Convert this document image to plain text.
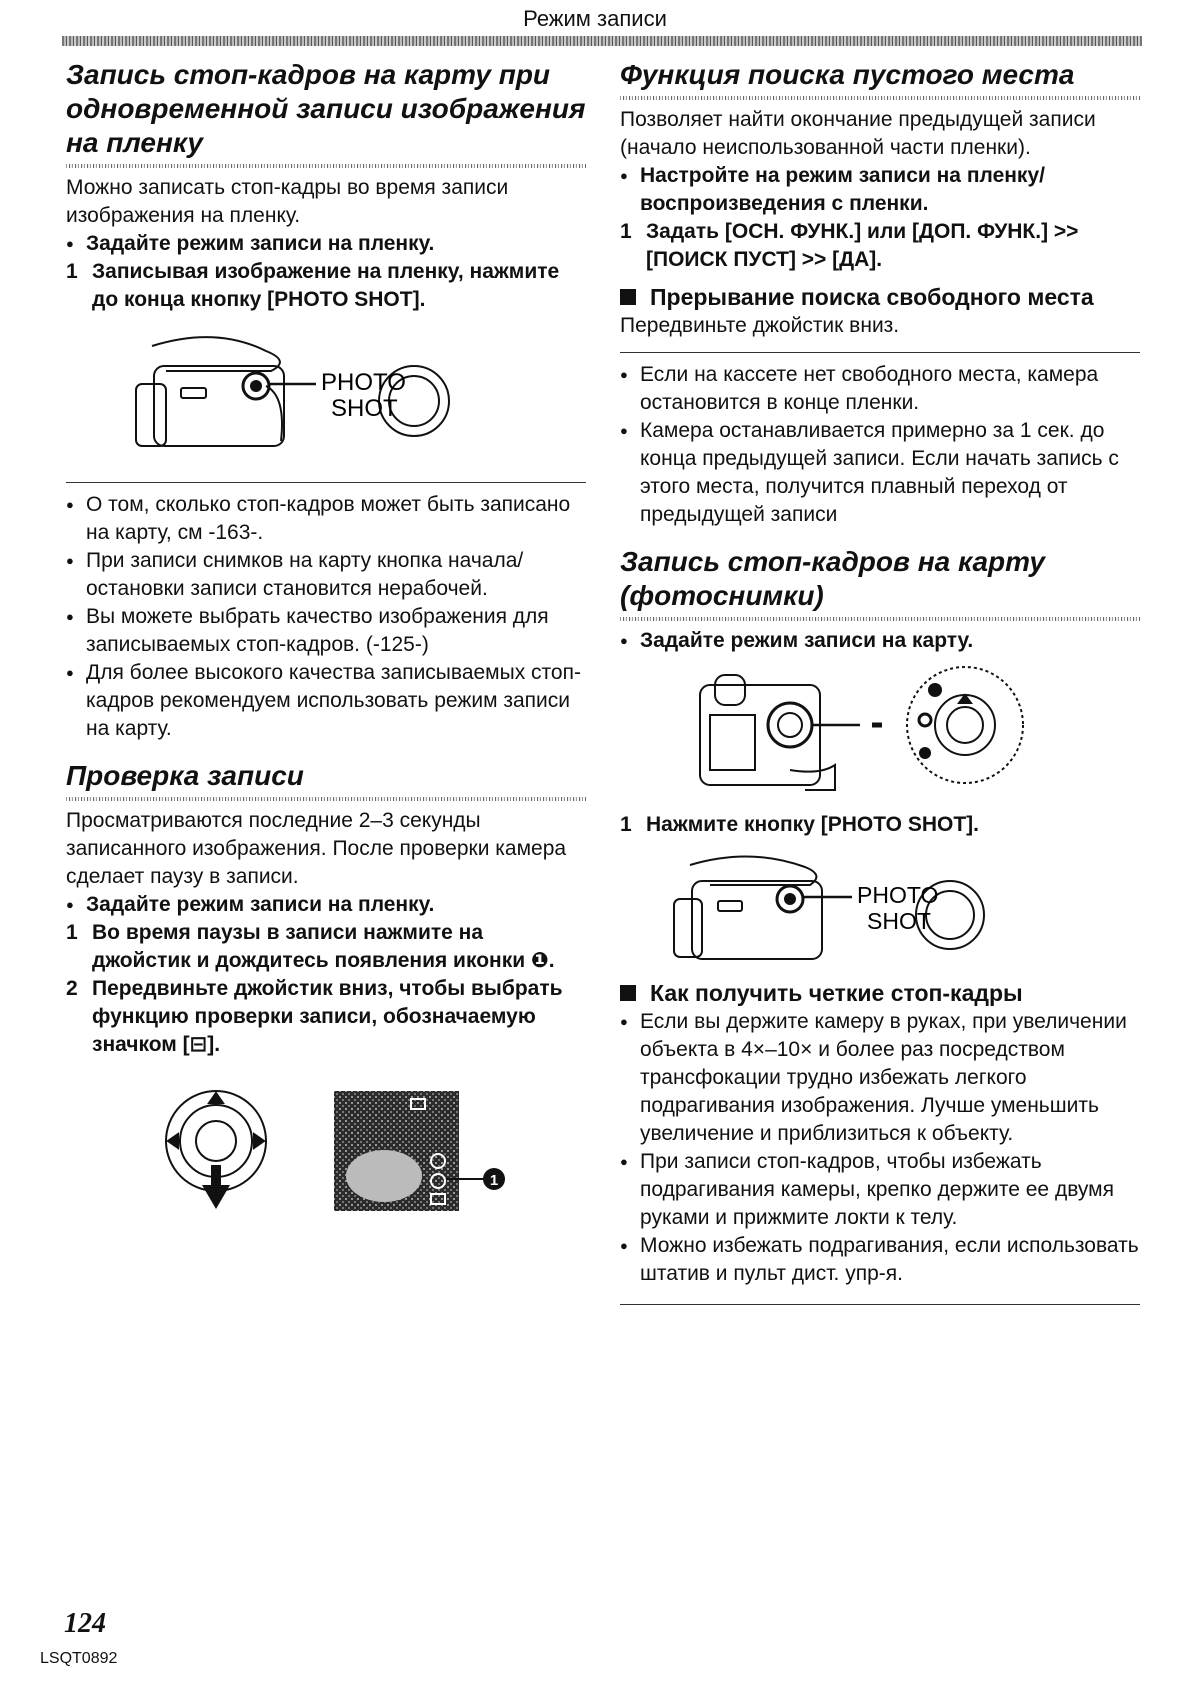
Режим записи
Запись стоп-кадров на карту при одновременной записи изображения на пленку

Можно записать стоп-кадры во время записи изображения на пленку.

● Задайте режим записи на пленку.

1 Записывая изображение на пленку, нажмите до конца кнопку [PHOTO SHOT].

PHOTO
SHOT

● О том, сколько стоп-кадров может быть записано на карту, см -163-.

● При записи снимков на карту кнопка начала/остановки записи становится нерабочей.

● Вы можете выбрать качество изображения для записываемых стоп-кадров. (-125-)

● Для более высокого качества записываемых стоп-кадров рекомендуем использовать режим записи на карту.

Проверка записи

Просматриваются последние 2–3 секунды записанного изображения. После проверки камера сделает паузу в записи.

● Задайте режим записи на пленку.

1 Во время паузы в записи нажмите на джойстик и дождитесь появления иконки ❶.

2 Передвиньте джойстик вниз, чтобы выбрать функцию проверки записи, обозначаемую значком [⊟].

1
Функция поиска пустого места

Позволяет найти окончание предыдущей записи (начало неиспользованной части пленки).

● Настройте на режим записи на пленку/ воспроизведения с пленки.

1 Задать [ОСН. ФУНК.] или [ДОП. ФУНК.] >> [ПОИСК ПУСТ] >> [ДА].

Прерывание поиска свободного места

Передвиньте джойстик вниз.

● Если на кассете нет свободного места, камера остановится в конце пленки.

● Камера останавливается примерно за 1 сек. до конца предыдущей записи. Если начать запись с этого места, получится плавный переход от предыдущей записи

Запись стоп-кадров на карту (фотоснимки)

● Задайте режим записи на карту.

1 Нажмите кнопку [PHOTO SHOT].

PHOTO
SHOT

Как получить четкие стоп-кадры

● Если вы держите камеру в руках, при увеличении объекта в 4×–10× и более раз посредством трансфокации трудно избежать легкого подрагивания изображения. Лучше уменьшить увеличение и приблизиться к объекту.

● При записи стоп-кадров, чтобы избежать подрагивания камеры, крепко держите ее двумя руками и прижмите локти к телу.

● Можно избежать подрагивания, если использовать штатив и пульт дист. упр-я.

124
LSQT0892
